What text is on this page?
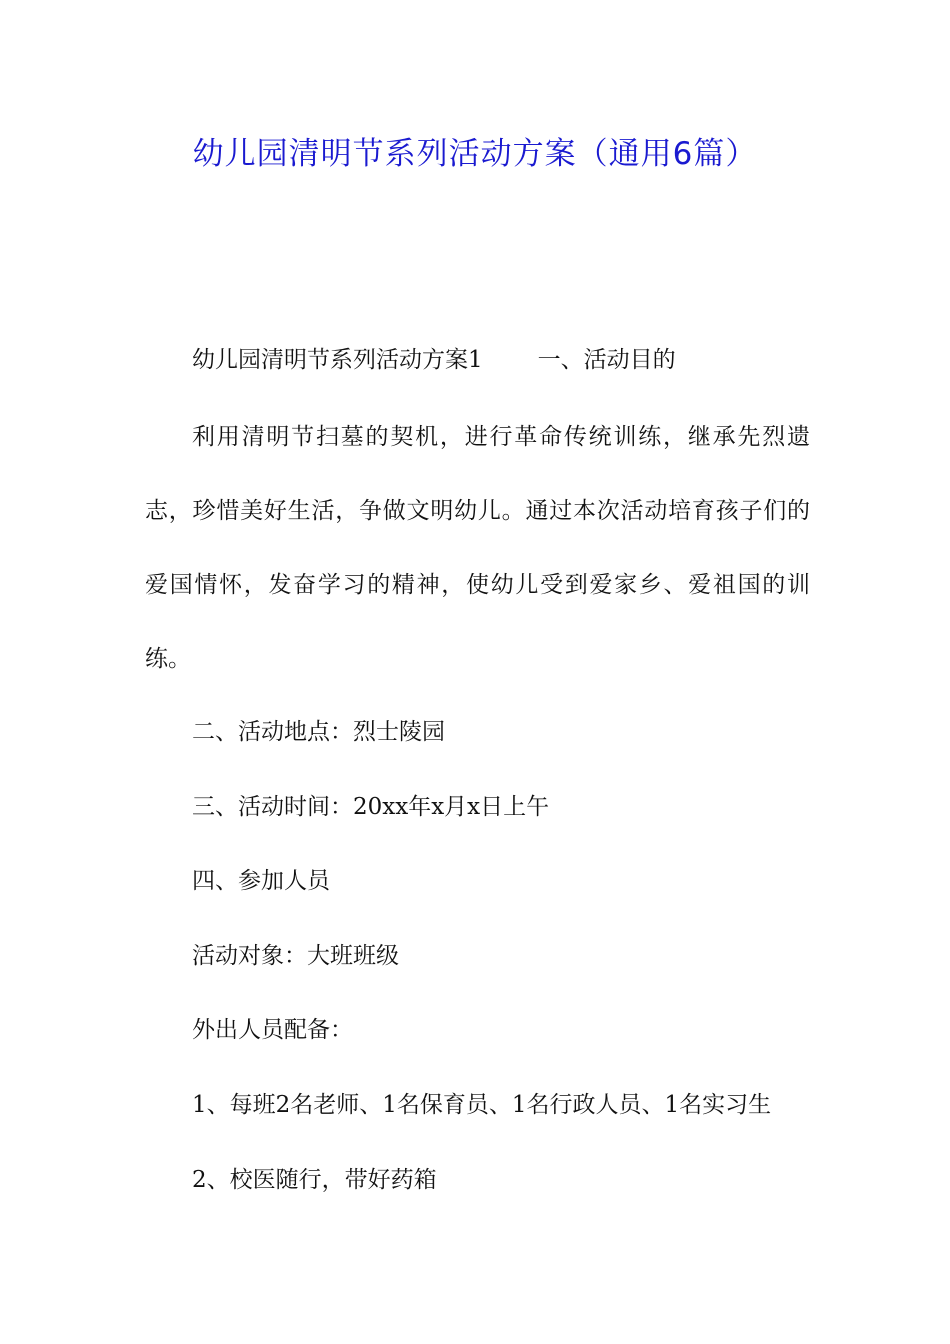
幼儿园清明节系列活动方案（通用6篇）
幼儿园清明节系列活动方案1 一、活动目的

利用清明节扫墓的契机，进行革命传统训练，继承先烈遗志，珍惜美好生活，争做文明幼儿。通过本次活动培育孩子们的爱国情怀，发奋学习的精神，使幼儿受到爱家乡、爱祖国的训练。

二、活动地点：烈士陵园
三、活动时间：20xx年x月x日上午
四、参加人员
活动对象：大班班级
外出人员配备：
1、每班2名老师、1名保育员、1名行政人员、1名实习生
2、校医随行，带好药箱
